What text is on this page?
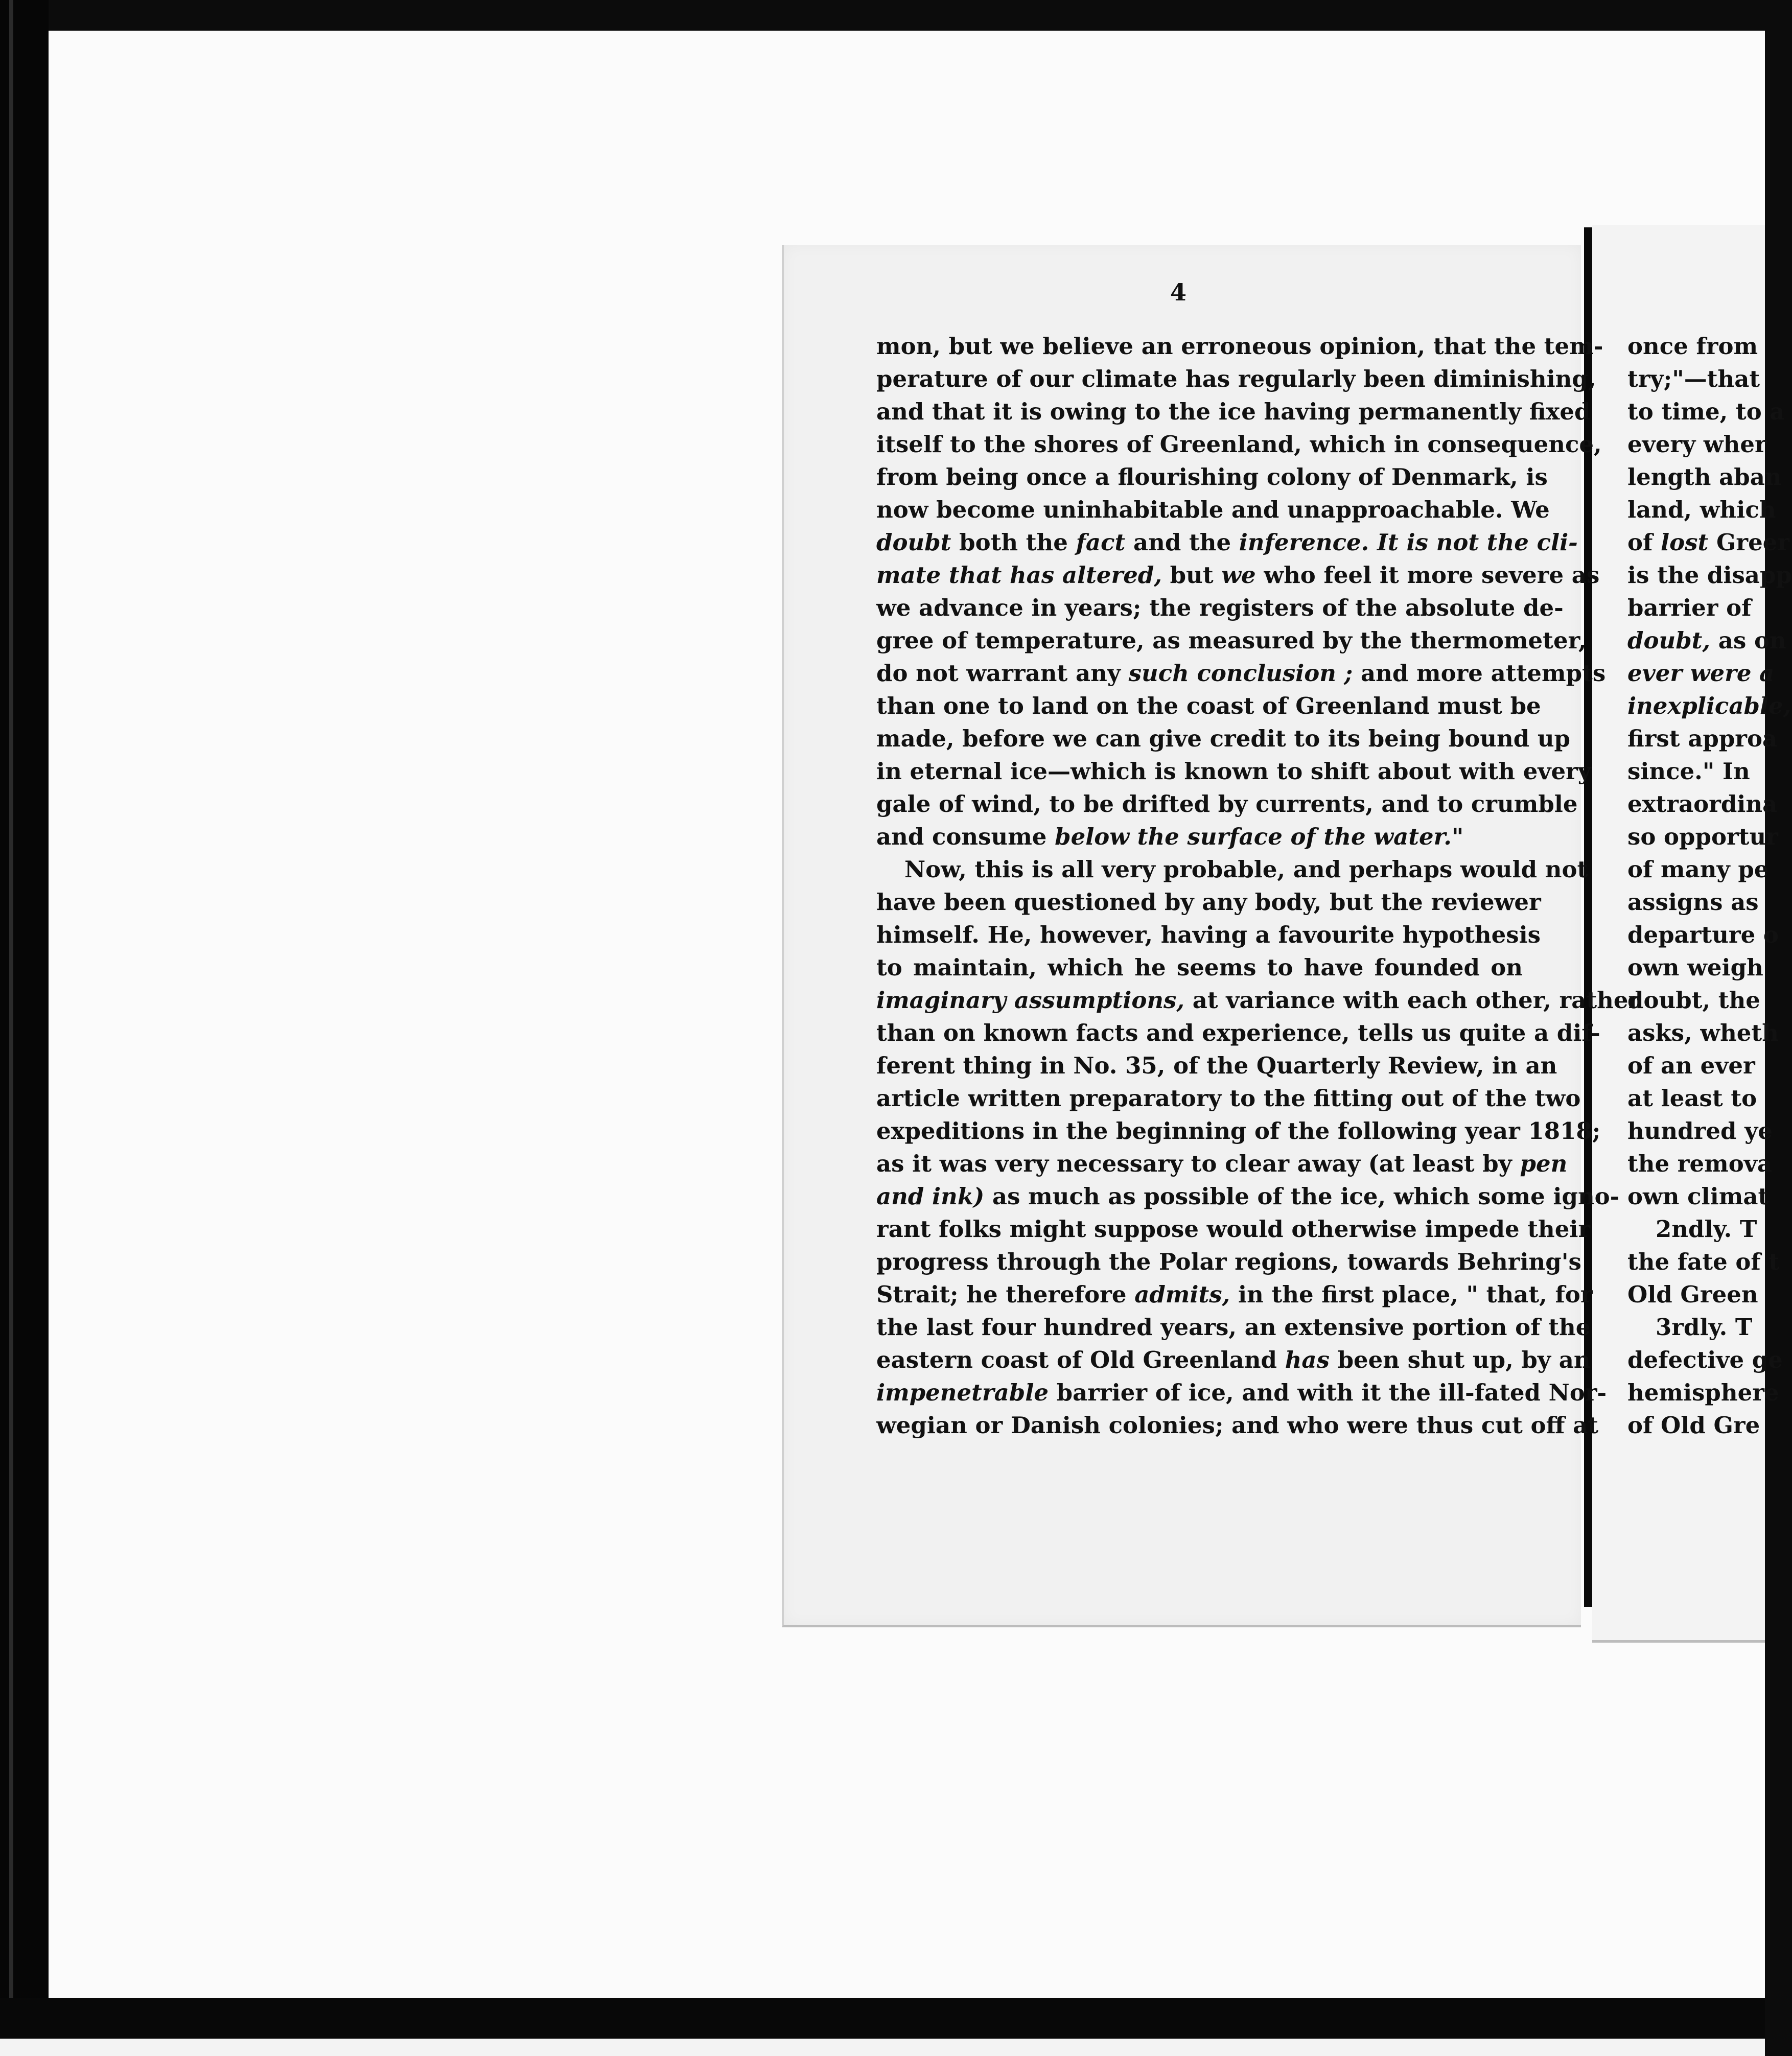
4
mon, but we believe an erroneous opinion, that the tem-
perature of our climate has regularly been diminishing,
and that it is owing to the ice having permanently fixed
itself to the shores of Greenland, which in consequence,
from being once a flourishing colony of Denmark, is
now become uninhabitable and unapproachable. We
doubt both the fact and the inference. It is not the cli-
mate that has altered, but we who feel it more severe as
we advance in years; the registers of the absolute de-
gree of temperature, as measured by the thermometer,
do not warrant any such conclusion ; and more attempts
than one to land on the coast of Greenland must be
made, before we can give credit to its being bound up
in eternal ice—which is known to shift about with every
gale of wind, to be drifted by currents, and to crumble
and consume below the surface of the water."
Now, this is all very probable, and perhaps would not
have been questioned by any body, but the reviewer
himself. He, however, having a favourite hypothesis
to maintain, which he seems to have founded on
imaginary assumptions, at variance with each other, rather
than on known facts and experience, tells us quite a dif-
ferent thing in No. 35, of the Quarterly Review, in an
article written preparatory to the fitting out of the two
expeditions in the beginning of the following year 1818;
as it was very necessary to clear away (at least by pen
and ink) as much as possible of the ice, which some igno-
rant folks might suppose would otherwise impede their
progress through the Polar regions, towards Behring's
Strait; he therefore admits, in the first place, " that, for
the last four hundred years, an extensive portion of the
eastern coast of Old Greenland has been shut up, by an
impenetrable barrier of ice, and with it the ill-fated Nor-
wegian or Danish colonies; and who were thus cut off at
once from
try;"—that
to time, to a
every wher
length aban
land, which
of lost Greer
is the disapp
barrier of
doubt, as on
ever were a
inexplicable,
first approa
since." In
extraordina
so opportur
of many pe
assigns as
departure o
own weigh
doubt, the
asks, wheth
of an ever
at least to
hundred ye
the remova
own climat
2ndly. T
the fate of t
Old Green
3rdly. T
defective ge
hemisphere
of Old Gre
